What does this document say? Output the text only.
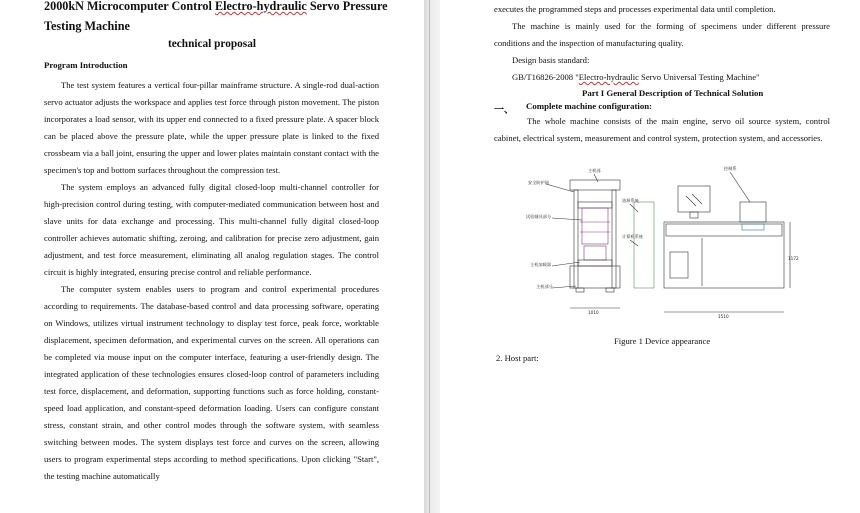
2000kN Microcomputer Control Electro-hydraulic Servo Pressure
Testing Machine
technical proposal
Program Introduction

The test system features a vertical four-pillar mainframe structure. A single-rod dual-action servo actuator adjusts the workspace and applies test force through piston movement. The piston incorporates a load sensor, with its upper end connected to a fixed pressure plate. A spacer block can be placed above the pressure plate, while the upper pressure plate is linked to the fixed crossbeam via a ball joint, ensuring the upper and lower plates maintain constant contact with the specimen's top and bottom surfaces throughout the compression test.

The system employs an advanced fully digital closed-loop multi-channel controller for high-precision control during testing, with computer-mediated communication between host and slave units for data exchange and processing. This multi-channel fully digital closed-loop controller achieves automatic shifting, zeroing, and calibration for precise zero adjustment, gain adjustment, and test force measurement, eliminating all analog regulation stages. The control circuit is highly integrated, ensuring precise control and reliable performance.

The computer system enables users to program and control experimental procedures according to requirements. The database-based control and data processing software, operating on Windows, utilizes virtual instrument technology to display test force, peak force, worktable displacement, specimen deformation, and experimental curves on the screen. All operations can be completed via mouse input on the computer interface, featuring a user-friendly design. The integrated application of these technologies ensures closed-loop control of parameters including test force, displacement, and deformation, supporting functions such as force holding, constant-speed load application, and constant-speed deformation loading. Users can configure constant stress, constant strain, and other control modes through the software system, with seamless switching between modes. The system displays test force and curves on the screen, allowing users to program experimental steps according to method specifications. Upon clicking "Start", the testing machine automatically

executes the programmed steps and processes experimental data until completion.
The machine is mainly used for the forming of specimens under different pressure conditions and the inspection of manufacturing quality.
Design basis standard:
GB/T16826-2008 "Electro-hydraulic Servo Universal Testing Machine"
Part I General Description of Technical Solution
一、 Complete machine configuration:
The whole machine consists of the main engine, servo oil source system, control cabinet, electrical system, measurement and control system, protection system, and accessories.
主机部
安全防护网
试验辅具部分
油源系统
计算机系统
主机加载器
主机部分
控制系
1010
1510
1172
Figure 1 Device appearance
2. Host part:
